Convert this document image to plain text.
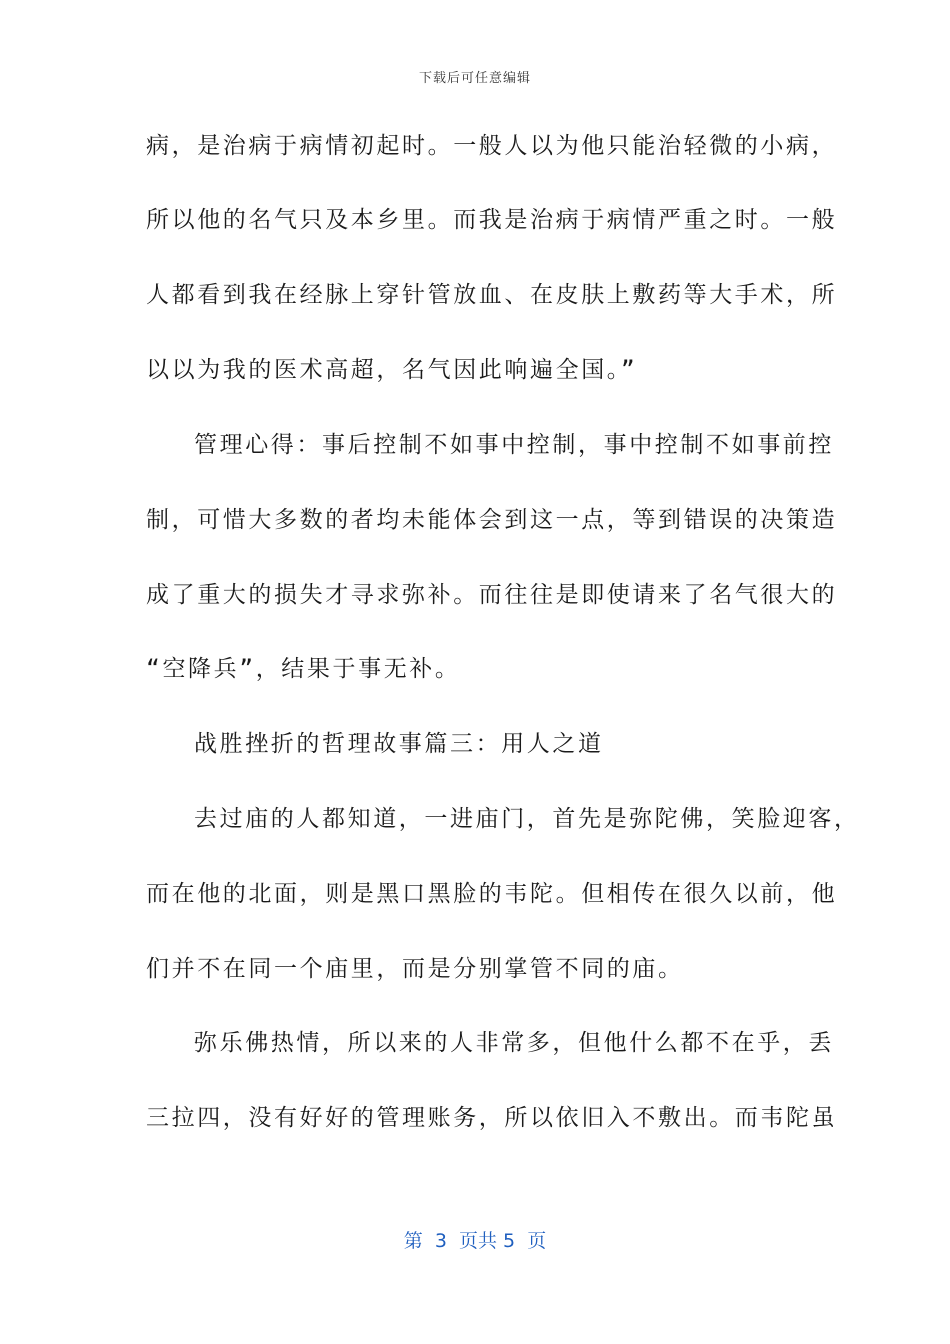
下载后可任意编辑
病，是治病于病情初起时。一般人以为他只能治轻微的小病，
所以他的名气只及本乡里。而我是治病于病情严重之时。一般
人都看到我在经脉上穿针管放血、在皮肤上敷药等大手术，所
以以为我的医术高超，名气因此响遍全国。”
管理心得：事后控制不如事中控制，事中控制不如事前控
制，可惜大多数的者均未能体会到这一点，等到错误的决策造
成了重大的损失才寻求弥补。而往往是即使请来了名气很大的
“空降兵”，结果于事无补。
战胜挫折的哲理故事篇三：用人之道
去过庙的人都知道，一进庙门，首先是弥陀佛，笑脸迎客，
而在他的北面，则是黑口黑脸的韦陀。但相传在很久以前，他
们并不在同一个庙里，而是分别掌管不同的庙。
弥乐佛热情，所以来的人非常多，但他什么都不在乎，丢
三拉四，没有好好的管理账务，所以依旧入不敷出。而韦陀虽
第  3  页共 5  页
